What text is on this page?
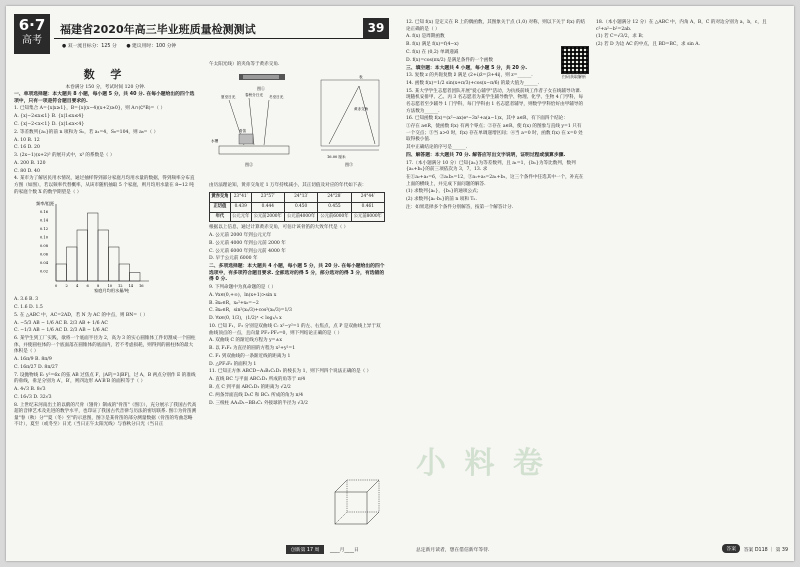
6·7
高考
福建省2020年高三毕业班质量检测测试	39
● 双一流目标分：125 分 ● 建议用时：100 分钟
数 学
本卷满分 150 分，考试时间 120 分钟.

一、单项选择题：本大题共 8 小题，每小题 5 分，共 40 分. 在每小题给出的四个选项中，只有一项是符合题目要求的.

1. 已知集合 A={x|x≥1}，B={x|(x−4)(x+2)≥0}，则 A∩(∁ᴿB)=（ ）

A. {x|−2≤x≤1} B. {x|1≤x≤4}

C. {x|−2<x<1} D. {x|1≤x<4}

2. 等差数列{aₙ}的前 n 项和为 Sₙ，若 a₁=4，S₈=104，则 a₆=（ ）

A. 10 B. 12

C. 16 D. 20

3. (2x−1)(x+2)⁵ 的展开式中，x³ 的系数是（ ）

A. 200 B. 120

C. 80 D. 40

4. 某市为了解居民用水情况，通过抽样得到部分家庭月均用水量的数据，得到频率分布直方图（如图），若以频率代替概率，从该市随机抽取 5 个家庭，则月均用水量在 8~12 吨的家庭个数 X 的数学期望是（ ）

0.16
0.14
0.12
0.10
0.08
0.06
0.04
0.02
0 2 4 6 8 10 12 14 16
频率/组距
家庭月均用水量/吨

A. 3.6 B. 3

C. 1.6 D. 1.5

5. 在 △ABC 中，AC=2AD，若 N 为 AC 的中点，则 BN=（ ）

A. −5/3 AB − 1/6 AC B. 2/3 AB + 1/6 AC

C. −1/3 AB − 1/6 AC D. 2/3 AB − 1/6 AC

6. 某学生到工厂实践，欲将一个底面半径为 2，高为 3 的实心圆锥体工件切割成一个圆柱体，并使圆柱体的一个底面落在圆锥体的底面内，若不考虑损耗，则得到的圆柱体的最大体积是（ ）

A. 16π/9 B. 8π/9

C. 16π/27 D. 8π/27

7. 设抛物线 E: y²=6x 的弦 AB 过焦点 F，|AF|=3|BF|，过 A，B 两点分别作 E 的准线的垂线，垂足分别为 A′，B′，则四边形 AA′B′B 的面积等于（ ）

A. 4√3 B. 8√3

C. 16√3 D. 32√3

8. 上世纪末河南出土的以鹤的尺骨（翅骨）制成的"骨笛"（图①），充分展示了我国古代高超的音律艺术及先进的数学水平，也印证了我国古代音律与历法的密切联系. 图②为骨笛测量"春（秋）分""夏（冬）至"的示意图，图③是某骨笛的部分测量数据（骨笛的弯曲忽略不计），夏至（或冬至）日光（当日正午太阳光线）与春秋分日光（当日正

午太阳光线）的夹角等于黄赤交角.

图①
夏至日光	春秋分日光 冬至日光
水槽
骨笛
图②
16.00 厘米
表
黄赤交角
图③

由历法理论知，黄赤交角近 1 万年持续减小，其正切值及对应的年代如下表：

黄赤交角	23°41′	23°57′	24°13′	24°28′	24°44′
正切值	0.439	0.444	0.450	0.455	0.461
年代	公元元年	公元前2000年	公元前4000年	公元前6000年	公元前8000年

根据以上信息，通过计算黄赤交角，可估计该骨笛的大致年代是（ ）

A. 公元前 2000 年到公元元年

B. 公元前 4000 年到公元前 2000 年

C. 公元前 6000 年到公元前 4000 年

D. 早于公元前 6000 年

二、多项选择题：本大题共 4 小题，每小题 5 分，共 20 分. 在每小题给出的四个选项中，有多项符合题目要求. 全部选对的得 5 分，部分选对的得 3 分，有选错的得 0 分.

9. 下列命题中为真命题的是（ ）

A. ∀x∈(0,+∞)，ln(x+1)>sin x

B. ∃x₀∈R，x₀²+x₀=−2

C. ∃x₀∈R，sin²(x₀/3)+cos²(x₀/3)=1/3

D. ∀x∈(0, 1/3)，(1/2)ˣ < log₁/₃ x

10. 已知 F₁，F₂ 分别是双曲线 C: x²−y²=1 的左、右焦点，点 P 是双曲线上异于双曲线顶点的一点，且向量 PF₁·PF₂=0，则下列结论正确的是（ ）

A. 双曲线 C 的渐近线方程为 y=±x

B. 以 F₁F₂ 为直径的圆的方程为 x²+y²=1

C. F₁ 到双曲线的一条渐近线的距离为 1

D. △PF₁F₂ 的面积为 1

11. 已知正方体 ABCD−A₁B₁C₁D₁ 的棱长为 1，则下列四个说法正确的是（ ）

A. 直线 BC 与平面 ABC₁D₁ 所成的角等于 π/4

B. 点 C 到平面 ABC₁D₁ 的距离为 √2/2

C. 两条异面直线 D₁C 和 BC₁ 所成的角为 π/4

D. 三棱柱 AA₁D₁−BB₁C₁ 外接球的半径为 √3/2

12. 已知 f(x) 是定义在 R 上的偶函数，其图象关于点 (1,0) 对称，则以下关于 f(x) 的结论正确的是（ ）

A. f(x) 是周期函数

B. f(x) 满足 f(x)=f(4−x)

C. f(x) 在 (0,2) 单调递减

D. f(x)=cos(πx/2) 是满足条件的一个函数

三、填空题：本大题共 4 小题，每小题 5 分，共 20 分.

13. 复数 z 的共轭复数 z̄ 满足 (2+i)z̄=|3+4i|，则 z=______.

14. 函数 f(x)=1/2 sin(x+π/3)+cos(x−π/6) 的最大值为______.

15. 某大学学生志愿者团队开展"爱心辅学"活动，为抗疫前线工作者子女在线辅导功课. 现随机安排甲、乙、丙 3 名志愿者为某学生辅导数学、物理、化学、生物 4 门学科，每名志愿者至少辅导 1 门学科，每门学科由 1 名志愿者辅导，则数学学科恰好由甲辅导的方法数为______.

16. 已知函数 f(x)=(x²−ax)eˣ−3x²+a(a−1)x，其中 a∈R，有下面四个结论：

①存在 a∈R，使函数 f(x) 有两个零点；②存在 a∈R，使 f(x) 的图象与直线 y=1 只有一个交点；③当 a>0 时，f(x) 存在单调递增区间；④当 a=0 时，函数 f(x) 在 x=0 处取得极小值.

其中正确结论的序号是______.

四、解答题：本大题共 70 分. 解答应写出文字说明，证明过程或演算步骤.

17.（本小题满分 10 分）已知{aₙ}为等差数列，且 a₁=1，{bₙ}为等比数列，数列{aₙ+bₙ}的前三项依次为 3，7，13. 求

在①a₂+a₃=6，②a₁b₃=12，③a₁+a₃=2a₁+b₂，这三个条件中任选其中一个，补充在上面的横线上，并完成下面问题的解答.

(1) 求数列{aₙ}，{bₙ}的通项公式；

(2) 求数列{aₙ·bₙ}的前 n 项和 Tₙ.

注：如果选择多个条件分别解答，按第一个解答计分.

扫码获取解析

18.（本小题满分 12 分）在 △ABC 中，内角 A，B，C 的对边分别为 a，b，c，且 c²+a²−b²=2ab.

(1) 若 C=√3/2，求 B；

(2) 若 D 为边 AC 的中点，且 BD=BC，求 sin A.

小 料 卷
创新第 17 周	____月____日	总定新月读者，想在借信新年等待.	答案	答案 D118 ｜ 第 39
